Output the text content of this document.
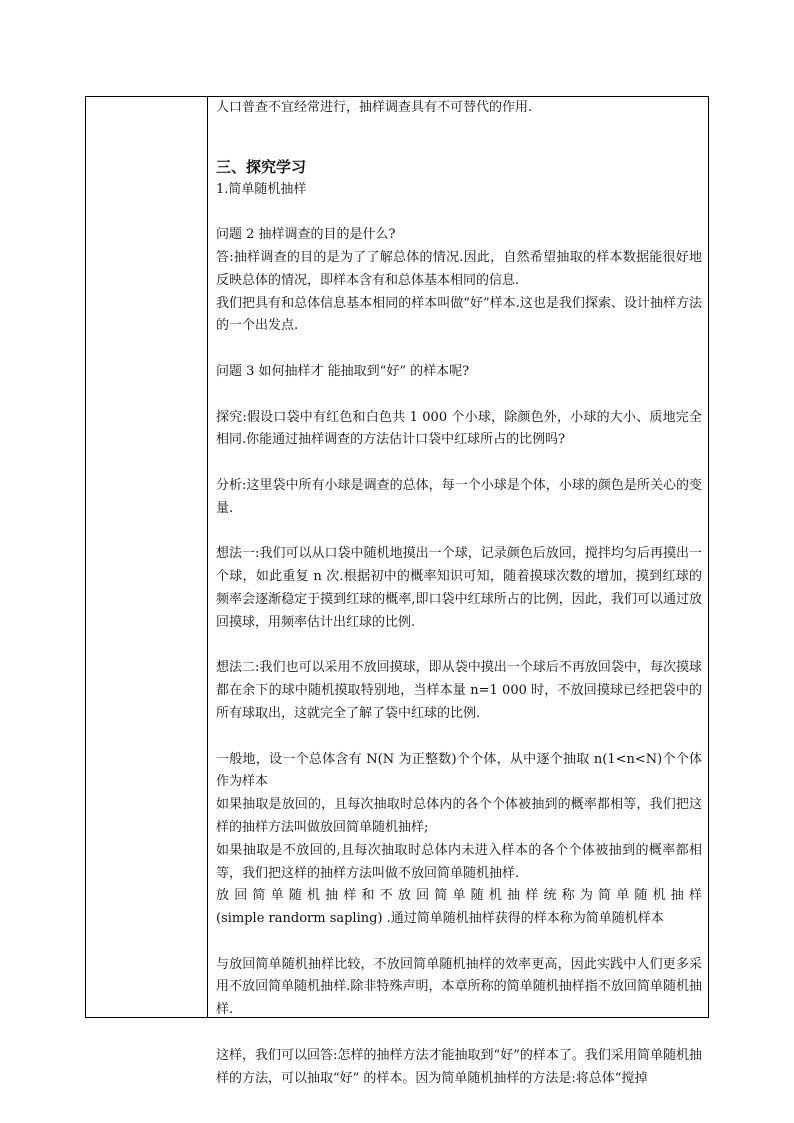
人口普查不宜经常进行，抽样调查具有不可替代的作用.

三、探究学习

1.简单随机抽样

问题 2 抽样调查的目的是什么?

答:抽样调查的目的是为了了解总体的情况.因此，自然希望抽取的样本数据能很好地反映总体的情况，即样本含有和总体基本相同的信息.

我们把具有和总体信息基本相同的样本叫做“好”样本.这也是我们探索、设计抽样方法的一个出发点.

问题 3 如何抽样才 能抽取到“好” 的样本呢?

探究:假设口袋中有红色和白色共 1 000 个小球，除颜色外，小球的大小、质地完全相同.你能通过抽样调查的方法估计口袋中红球所占的比例吗?

分析:这里袋中所有小球是调查的总体，每一个小球是个体，小球的颜色是所关心的变量.

想法一:我们可以从口袋中随机地摸出一个球，记录颜色后放回，搅拌均匀后再摸出一个球，如此重复 n 次.根据初中的概率知识可知，随着摸球次数的增加，摸到红球的频率会逐渐稳定于摸到红球的概率,即口袋中红球所占的比例，因此，我们可以通过放回摸球，用频率估计出红球的比例.

想法二:我们也可以采用不放回摸球，即从袋中摸出一个球后不再放回袋中，每次摸球都在余下的球中随机摸取特别地，当样本量 n=1 000 时，不放回摸球已经把袋中的所有球取出，这就完全了解了袋中红球的比例.

一般地，设一个总体含有 N(N 为正整数)个个体，从中逐个抽取 n(1<n<N)个个体作为样本

如果抽取是放回的，且每次抽取时总体内的各个个体被抽到的概率都相等，我们把这样的抽样方法叫做放回简单随机抽样;

如果抽取是不放回的,且每次抽取时总体内未进入样本的各个个体被抽到的概率都相等，我们把这样的抽样方法叫做不放回简单随机抽样.

放回简单随机抽样和不放回简单随机抽样统称为简单随机抽样

(simple randorm sapling) .通过简单随机抽样获得的样本称为简单随机样本

与放回简单随机抽样比较，不放回简单随机抽样的效率更高，因此实践中人们更多采用不放回简单随机抽样.除非特殊声明，本章所称的简单随机抽样指不放回简单随机抽样.

这样，我们可以回答:怎样的抽样方法才能抽取到“好”的样本了。我们采用简单随机抽样的方法，可以抽取“好” 的样本。因为简单随机抽样的方法是:将总体“搅掉
